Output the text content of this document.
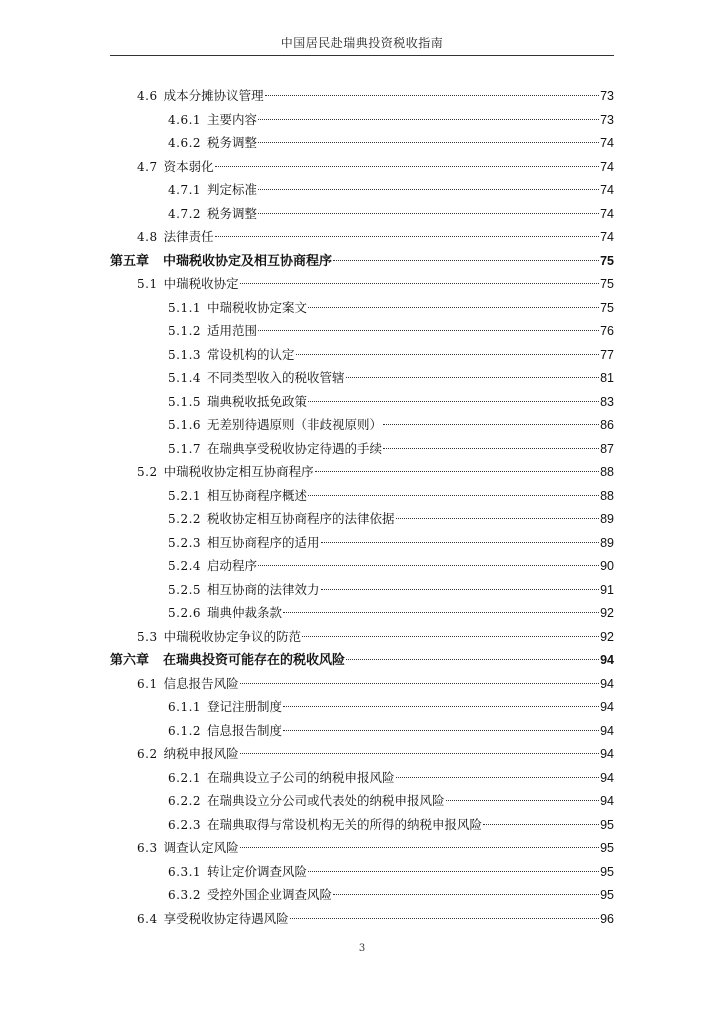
中国居民赴瑞典投资税收指南
4.6 成本分摊协议管理	73
4.6.1 主要内容	73
4.6.2 税务调整	74
4.7 资本弱化	74
4.7.1 判定标准	74
4.7.2 税务调整	74
4.8 法律责任	74
第五章 中瑞税收协定及相互协商程序	75
5.1 中瑞税收协定	75
5.1.1 中瑞税收协定案文	75
5.1.2 适用范围	76
5.1.3 常设机构的认定	77
5.1.4 不同类型收入的税收管辖	81
5.1.5 瑞典税收抵免政策	83
5.1.6 无差别待遇原则（非歧视原则）	86
5.1.7 在瑞典享受税收协定待遇的手续	87
5.2 中瑞税收协定相互协商程序	88
5.2.1 相互协商程序概述	88
5.2.2 税收协定相互协商程序的法律依据	89
5.2.3 相互协商程序的适用	89
5.2.4 启动程序	90
5.2.5 相互协商的法律效力	91
5.2.6 瑞典仲裁条款	92
5.3 中瑞税收协定争议的防范	92
第六章 在瑞典投资可能存在的税收风险	94
6.1 信息报告风险	94
6.1.1 登记注册制度	94
6.1.2 信息报告制度	94
6.2 纳税申报风险	94
6.2.1 在瑞典设立子公司的纳税申报风险	94
6.2.2 在瑞典设立分公司或代表处的纳税申报风险	94
6.2.3 在瑞典取得与常设机构无关的所得的纳税申报风险	95
6.3 调查认定风险	95
6.3.1 转让定价调查风险	95
6.3.2 受控外国企业调查风险	95
6.4 享受税收协定待遇风险	96
3
